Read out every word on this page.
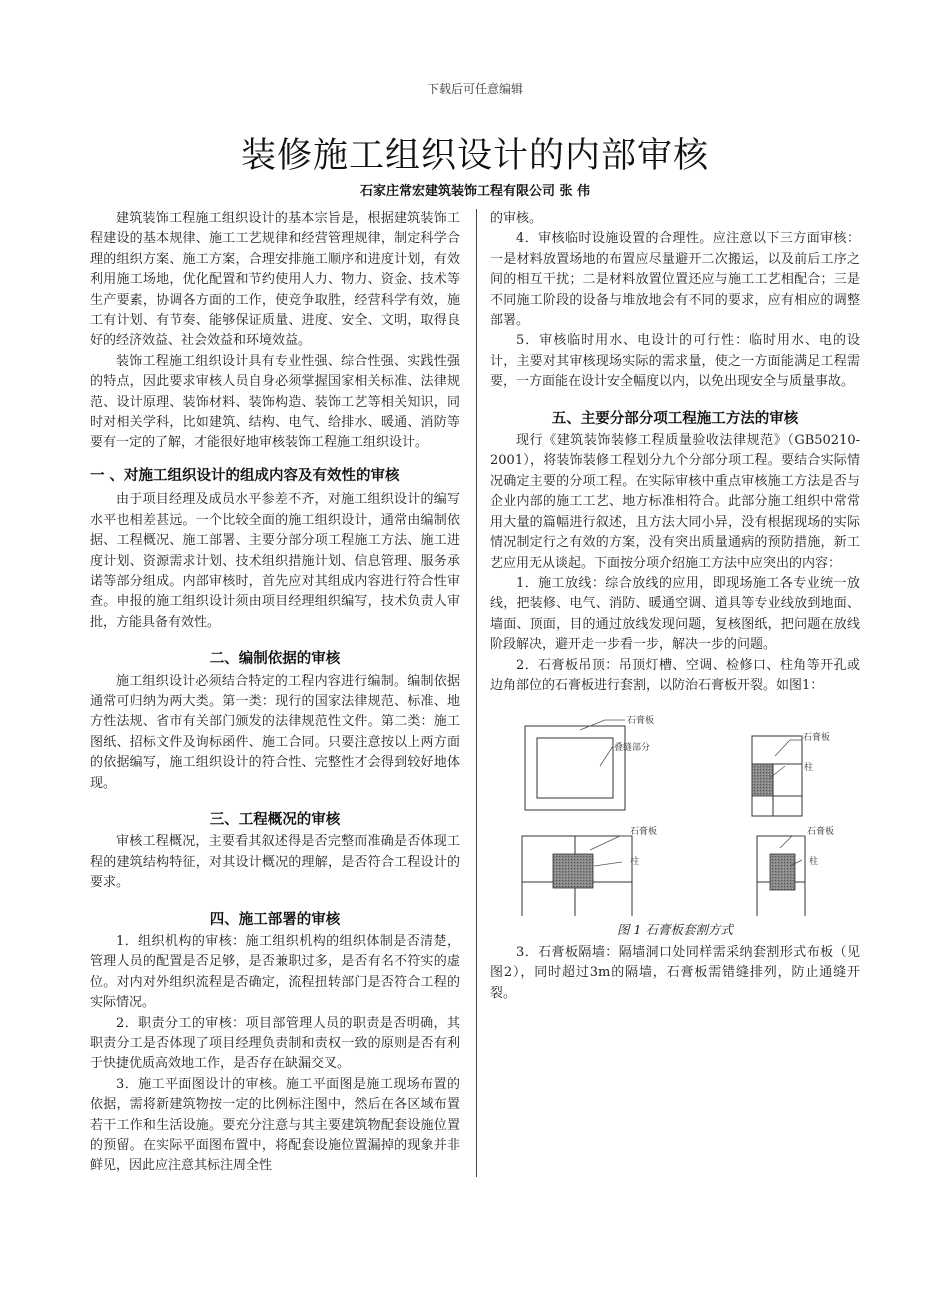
下载后可任意编辑
装修施工组织设计的内部审核
石家庄常宏建筑装饰工程有限公司 张 伟

建筑装饰工程施工组织设计的基本宗旨是，根据建筑装饰工程建设的基本规律、施工工艺规律和经营管理规律，制定科学合理的组织方案、施工方案，合理安排施工顺序和进度计划，有效利用施工场地，优化配置和节约使用人力、物力、资金、技术等生产要素，协调各方面的工作，使竞争取胜，经营科学有效，施工有计划、有节奏、能够保证质量、进度、安全、文明，取得良好的经济效益、社会效益和环境效益。

装饰工程施工组织设计具有专业性强、综合性强、实践性强的特点，因此要求审核人员自身必须掌握国家相关标准、法律规范、设计原理、装饰材料、装饰构造、装饰工艺等相关知识，同时对相关学科，比如建筑、结构、电气、给排水、暖通、消防等要有一定的了解，才能很好地审核装饰工程施工组织设计。

一 、对施工组织设计的组成内容及有效性的审核

由于项目经理及成员水平参差不齐，对施工组织设计的编写水平也相差甚远。一个比较全面的施工组织设计，通常由编制依据、工程概况、施工部署、主要分部分项工程施工方法、施工进度计划、资源需求计划、技术组织措施计划、信息管理、服务承诺等部分组成。内部审核时，首先应对其组成内容进行符合性审查。申报的施工组织设计须由项目经理组织编写，技术负责人审批，方能具备有效性。

二、编制依据的审核

施工组织设计必须结合特定的工程内容进行编制。编制依据通常可归纳为两大类。第一类：现行的国家法律规范、标准、地方性法规、省市有关部门颁发的法律规范性文件。第二类：施工图纸、招标文件及询标函件、施工合同。只要注意按以上两方面的依据编写，施工组织设计的符合性、完整性才会得到较好地体现。

三、工程概况的审核

审核工程概况，主要看其叙述得是否完整而准确是否体现工程的建筑结构特征，对其设计概况的理解，是否符合工程设计的要求。

四、施工部署的审核

1．组织机构的审核：施工组织机构的组织体制是否清楚，管理人员的配置是否足够，是否兼职过多，是否有名不符实的虚位。对内对外组织流程是否确定，流程扭转部门是否符合工程的实际情况。

2．职责分工的审核：项目部管理人员的职责是否明确，其职责分工是否体现了项目经理负责制和责权一致的原则是否有利于快捷优质高效地工作，是否存在缺漏交叉。

3．施工平面图设计的审核。施工平面图是施工现场布置的依据，需将新建筑物按一定的比例标注图中，然后在各区域布置若干工作和生活设施。要充分注意与其主要建筑物配套设施位置的预留。在实际平面图布置中，将配套设施位置漏掉的现象并非鲜见，因此应注意其标注周全性

的审核。

4．审核临时设施设置的合理性。应注意以下三方面审核：一是材料放置场地的布置应尽量避开二次搬运，以及前后工序之间的相互干扰；二是材料放置位置还应与施工工艺相配合；三是不同施工阶段的设备与堆放地会有不同的要求，应有相应的调整部署。

5．审核临时用水、电设计的可行性：临时用水、电的设计，主要对其审核现场实际的需求量，使之一方面能满足工程需要，一方面能在设计安全幅度以内，以免出现安全与质量事故。

五、主要分部分项工程施工方法的审核

现行《建筑装饰装修工程质量验收法律规范》（GB50210-2001），将装饰装修工程划分九个分部分项工程。要结合实际情况确定主要的分项工程。在实际审核中重点审核施工方法是否与企业内部的施工工艺、地方标准相符合。此部分施工组织中常常用大量的篇幅进行叙述，且方法大同小异，没有根据现场的实际情况制定行之有效的方案，没有突出质量通病的预防措施，新工艺应用无从谈起。下面按分项介绍施工方法中应突出的内容：

1．施工放线：综合放线的应用，即现场施工各专业统一放线，把装修、电气、消防、暖通空调、道具等专业线放到地面、墙面、顶面，目的通过放线发现问题，复核图纸，把问题在放线阶段解决，避开走一步看一步，解决一步的问题。

2．石膏板吊顶：吊顶灯槽、空调、检修口、柱角等开孔或边角部位的石膏板进行套割，以防治石膏板开裂。如图1：

石膏板
叠缝部分
石膏板
柱
石膏板
柱
石膏板
柱
图 1 石膏板套割方式

3．石膏板隔墙：隔墙洞口处同样需采纳套割形式布板（见图2），同时超过3m的隔墙，石膏板需错缝排列，防止通缝开裂。
